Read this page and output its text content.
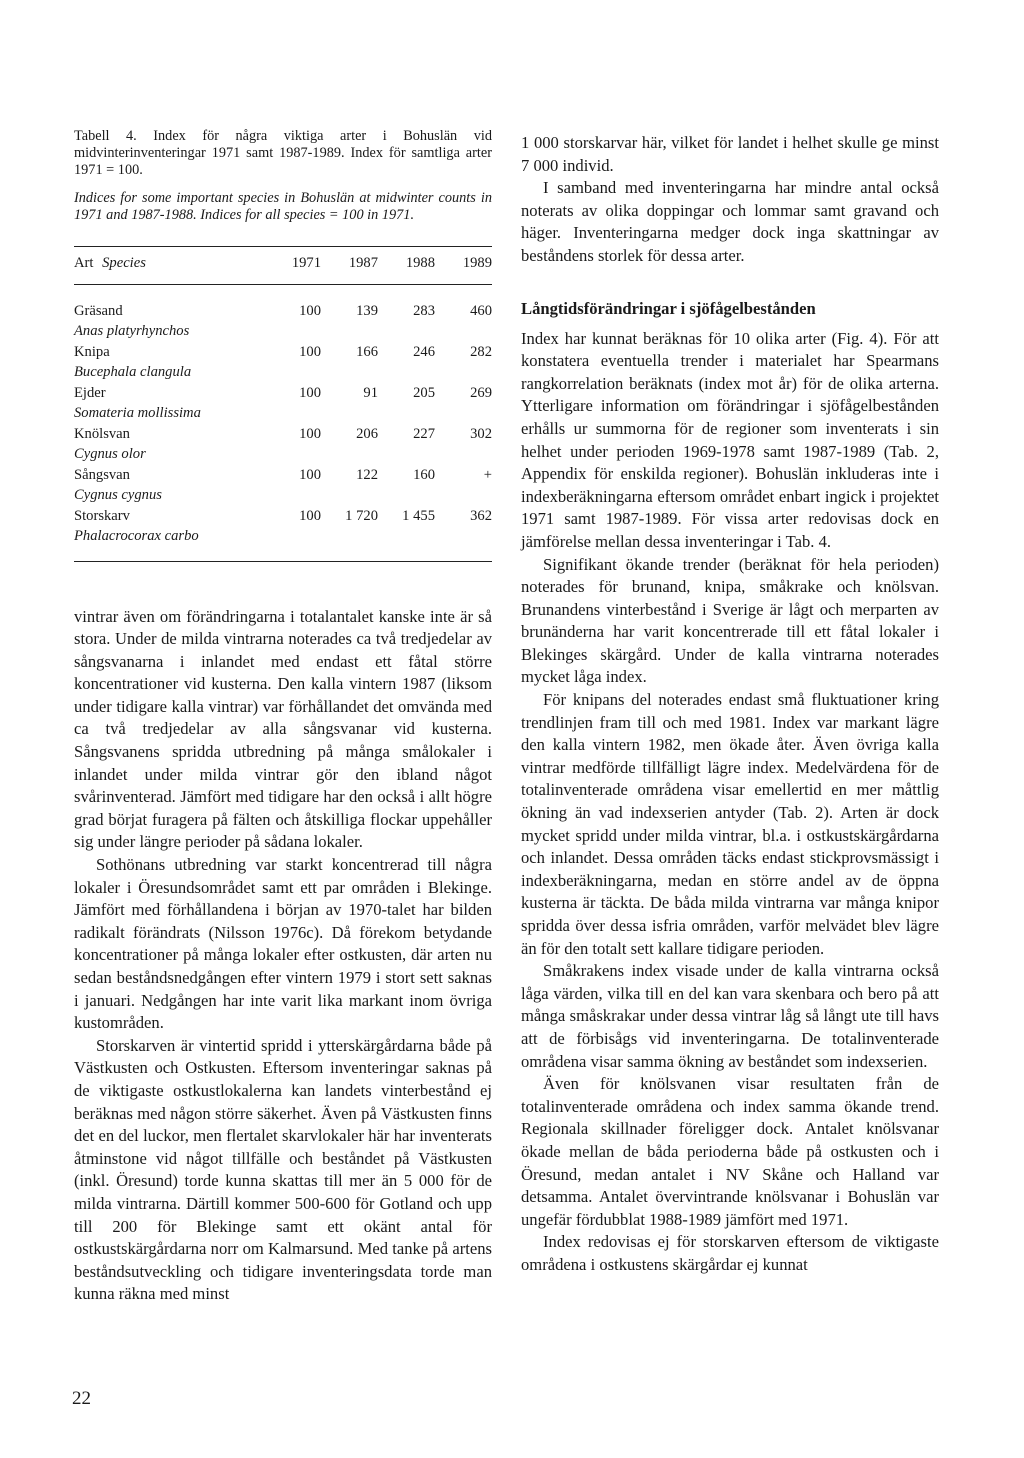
Tabell 4. Index för några viktiga arter i Bohuslän vid midvinterinventeringar 1971 samt 1987-1989. Index för samtliga arter 1971 = 100.

Indices for some important species in Bohuslän at midwinter counts in 1971 and 1987-1988. Indices for all species = 100 in 1971.

Art Species	1971	1987	1988	1989
Gräsand	100	139	283	460
Anas platyrhynchos
Knipa	100	166	246	282
Bucephala clangula
Ejder	100	91	205	269
Somateria mollissima
Knölsvan	100	206	227	302
Cygnus olor
Sångsvan	100	122	160	+
Cygnus cygnus
Storskarv	100	1 720	1 455	362
Phalacrocorax carbo

vintrar även om förändringarna i totalantalet kanske inte är så stora. Under de milda vintrarna noterades ca två tredjedelar av sångsvanarna i inlandet med endast ett fåtal större koncentrationer vid kusterna. Den kalla vintern 1987 (liksom under tidigare kalla vintrar) var förhållandet det omvända med ca två tredjedelar av alla sångsvanar vid kusterna. Sångsvanens spridda utbredning på många smålokaler i inlandet under milda vintrar gör den ibland något svårinventerad. Jämfört med tidigare har den också i allt högre grad börjat furagera på fälten och åtskilliga flockar uppehåller sig under längre perioder på sådana lokaler.

Sothönans utbredning var starkt koncentrerad till några lokaler i Öresundsområdet samt ett par områden i Blekinge. Jämfört med förhållandena i början av 1970-talet har bilden radikalt förändrats (Nilsson 1976c). Då förekom betydande koncentrationer på många lokaler efter ostkusten, där arten nu sedan beståndsnedgången efter vintern 1979 i stort sett saknas i januari. Nedgången har inte varit lika markant inom övriga kustområden.

Storskarven är vintertid spridd i ytterskärgårdarna både på Västkusten och Ostkusten. Eftersom inventeringar saknas på de viktigaste ostkustlokalerna kan landets vinterbestånd ej beräknas med någon större säkerhet. Även på Västkusten finns det en del luckor, men flertalet skarvlokaler här har inventerats åtminstone vid något tillfälle och beståndet på Västkusten (inkl. Öresund) torde kunna skattas till mer än 5 000 för de milda vintrarna. Därtill kommer 500-600 för Gotland och upp till 200 för Blekinge samt ett okänt antal för ostkustskärgårdarna norr om Kalmarsund. Med tanke på artens beståndsutveckling och tidigare inventeringsdata torde man kunna räkna med minst

1 000 storskarvar här, vilket för landet i helhet skulle ge minst 7 000 individ.

I samband med inventeringarna har mindre antal också noterats av olika doppingar och lommar samt gravand och häger. Inventeringarna medger dock inga skattningar av beståndens storlek för dessa arter.

Långtidsförändringar i sjöfågelbestånden

Index har kunnat beräknas för 10 olika arter (Fig. 4). För att konstatera eventuella trender i materialet har Spearmans rangkorrelation beräknats (index mot år) för de olika arterna. Ytterligare information om förändringar i sjöfågelbestånden erhålls ur summorna för de regioner som inventerats i sin helhet under perioden 1969-1978 samt 1987-1989 (Tab. 2, Appendix för enskilda regioner). Bohuslän inkluderas inte i indexberäkningarna eftersom området enbart ingick i projektet 1971 samt 1987-1989. För vissa arter redovisas dock en jämförelse mellan dessa inventeringar i Tab. 4.

Signifikant ökande trender (beräknat för hela perioden) noterades för brunand, knipa, småkrake och knölsvan. Brunandens vinterbestånd i Sverige är lågt och merparten av brunänderna har varit koncentrerade till ett fåtal lokaler i Blekinges skärgård. Under de kalla vintrarna noterades mycket låga index.

För knipans del noterades endast små fluktuationer kring trendlinjen fram till och med 1981. Index var markant lägre den kalla vintern 1982, men ökade åter. Även övriga kalla vintrar medförde tillfälligt lägre index. Medelvärdena för de totalinventerade områdena visar emellertid en mer måttlig ökning än vad indexserien antyder (Tab. 2). Arten är dock mycket spridd under milda vintrar, bl.a. i ostkustskärgårdarna och inlandet. Dessa områden täcks endast stickprovsmässigt i indexberäkningarna, medan en större andel av de öppna kusterna är täckta. De båda milda vintrarna var många knipor spridda över dessa isfria områden, varför melvädet blev lägre än för den totalt sett kallare tidigare perioden.

Småkrakens index visade under de kalla vintrarna också låga värden, vilka till en del kan vara skenbara och bero på att många småskrakar under dessa vintrar låg så långt ute till havs att de förbisågs vid inventeringarna. De totalinventerade områdena visar samma ökning av beståndet som indexserien.

Även för knölsvanen visar resultaten från de totalinventerade områdena och index samma ökande trend. Regionala skillnader föreligger dock. Antalet knölsvanar ökade mellan de båda perioderna både på ostkusten och i Öresund, medan antalet i NV Skåne och Halland var detsamma. Antalet övervintrande knölsvanar i Bohuslän var ungefär fördubblat 1988-1989 jämfört med 1971.

Index redovisas ej för storskarven eftersom de viktigaste områdena i ostkustens skärgårdar ej kunnat

22
